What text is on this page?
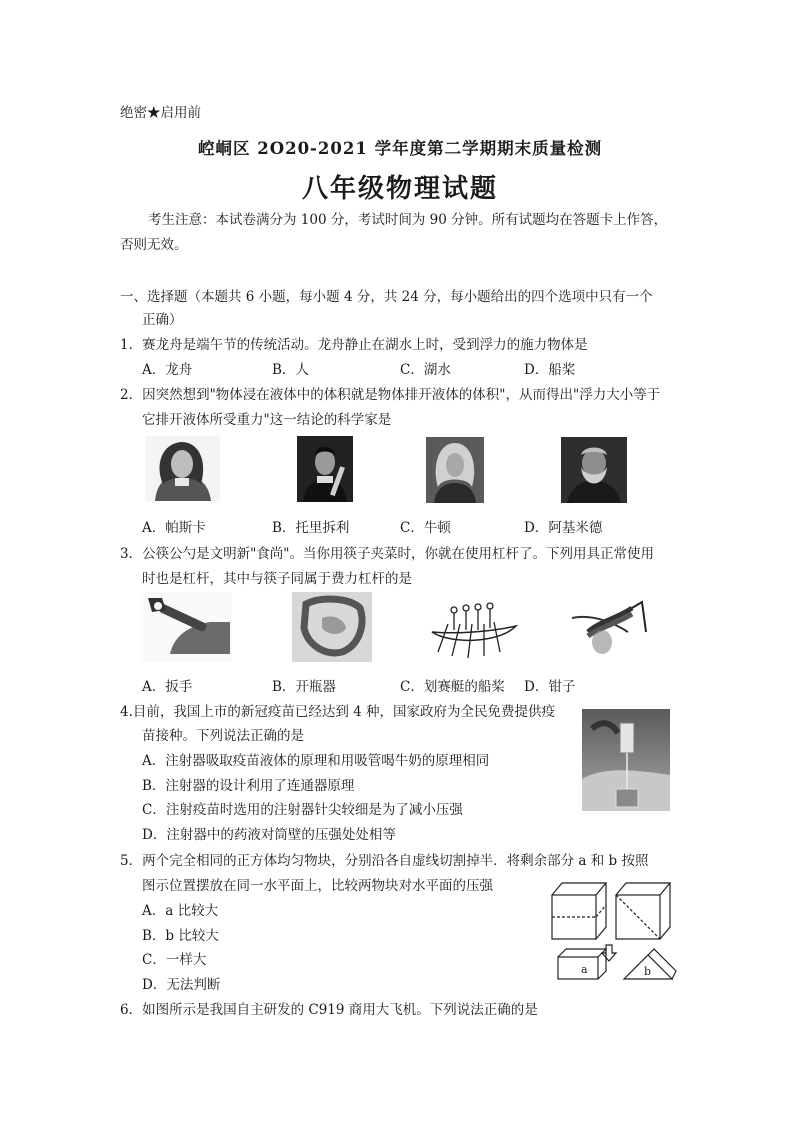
绝密★启用前
崆峒区 2O20-2021 学年度第二学期期末质量检测
八年级物理试题
考生注意：本试卷满分为 100 分，考试时间为 90 分钟。所有试题均在答题卡上作答，
否则无效。
一、选择题（本题共 6 小题，每小题 4 分，共 24 分，每小题给出的四个选项中只有一个
正确）
1．赛龙舟是端午节的传统活动。龙舟静止在湖水上时，受到浮力的施力物体是
A．龙舟	B．人	C．湖水	D．船桨
2．因突然想到"物体浸在液体中的体积就是物体排开液体的体积"，从而得出"浮力大小等于
它排开液体所受重力"这一结论的科学家是
A．帕斯卡	B．托里拆利	C．牛顿	D．阿基米德
3．公筷公勺是文明新"食尚"。当你用筷子夹菜时，你就在使用杠杆了。下列用具正常使用
时也是杠杆，其中与筷子同属于费力杠杆的是
A．扳手	B．开瓶器	C．划赛艇的船桨 D．钳子
4.目前，我国上市的新冠疫苗已经达到 4 种，国家政府为全民免费提供疫
苗接种。下列说法正确的是
A．注射器吸取疫苗液体的原理和用吸管喝牛奶的原理相同
B．注射器的设计利用了连通器原理
C．注射疫苗时选用的注射器针尖较细是为了减小压强
D．注射器中的药液对筒壁的压强处处相等
5．两个完全相同的正方体均匀物块，分别沿各自虚线切割掉半．将剩余部分 a 和 b 按照
图示位置摆放在同一水平面上，比较两物块对水平面的压强
A．a 比较大
B．b 比较大
C．一样大
D．无法判断
a	b
6．如图所示是我国自主研发的 C919 商用大飞机。下列说法正确的是
